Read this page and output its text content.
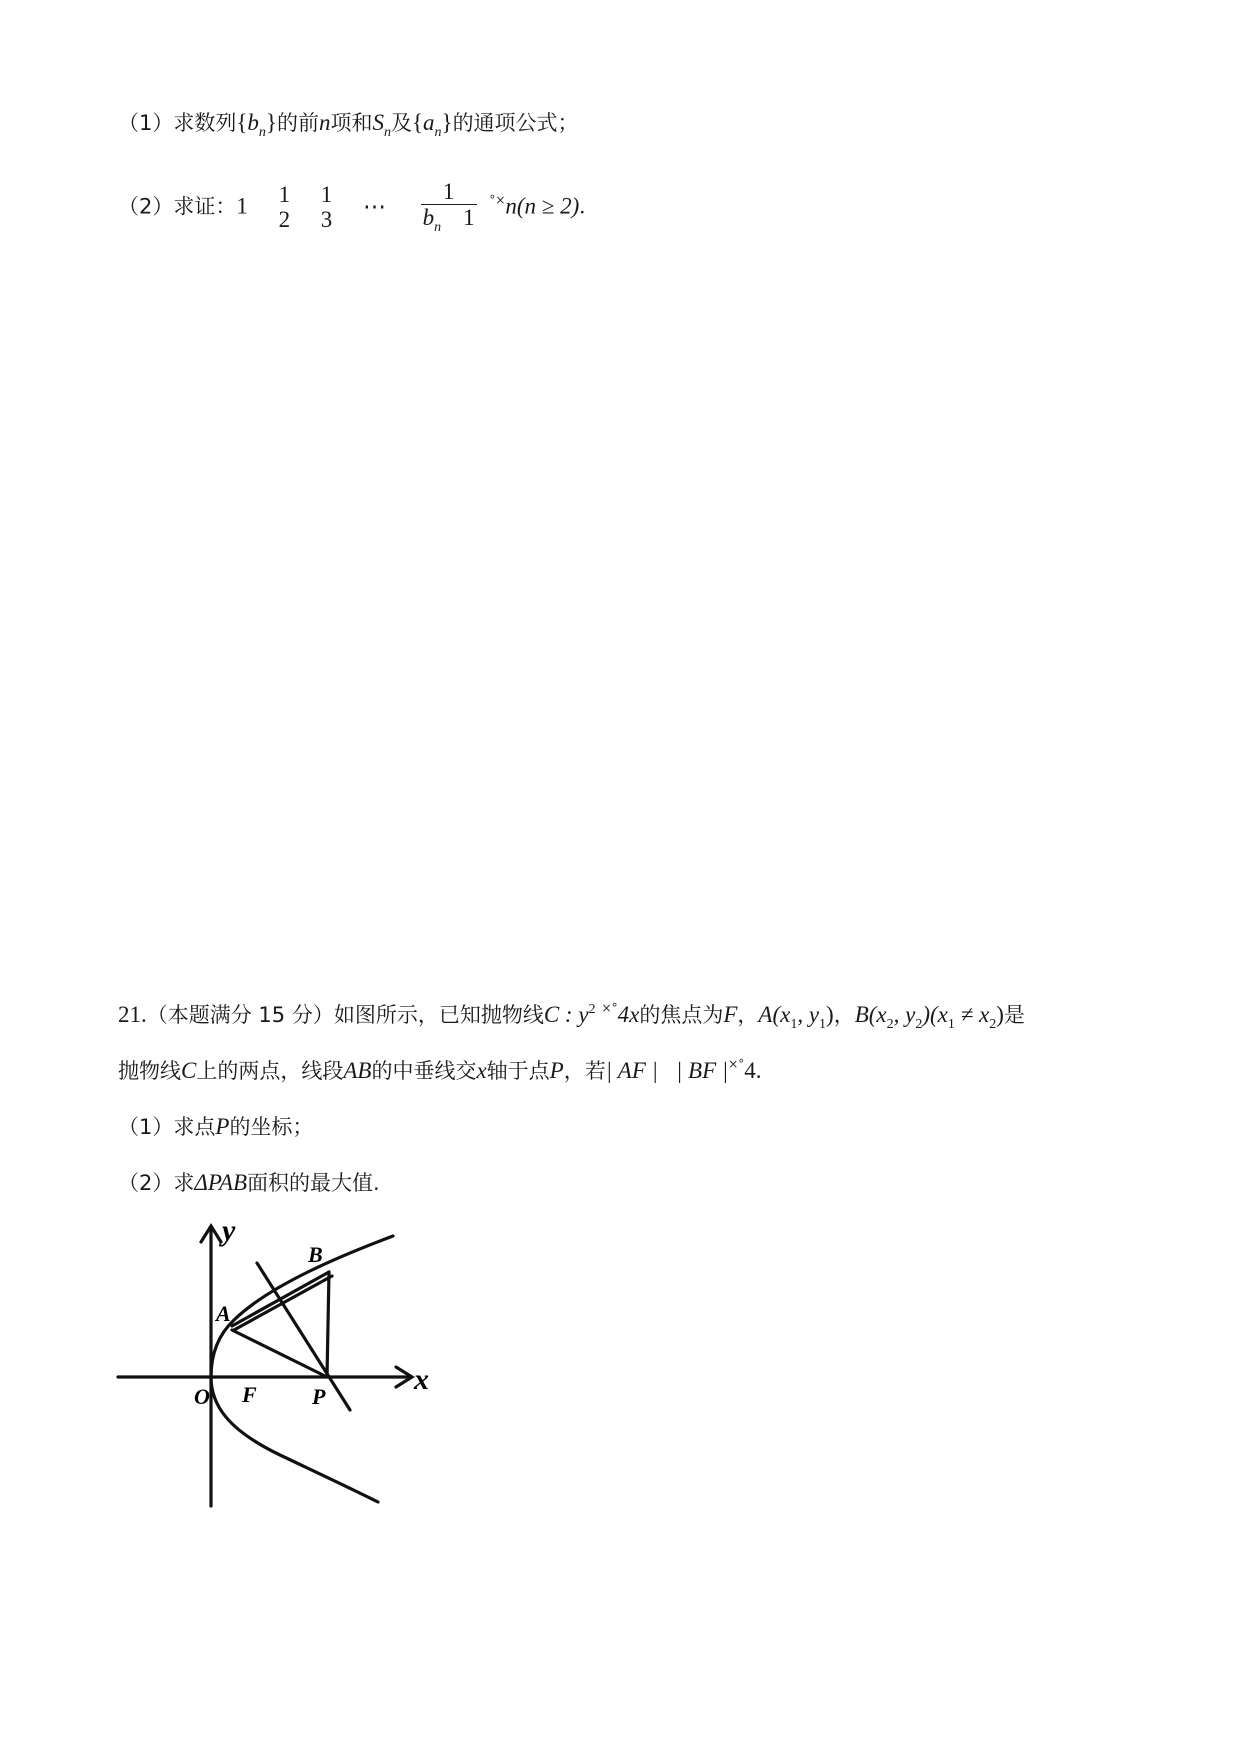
（1）求数列$\{b_n\}$的前n项和$S_n$及$\{a_n\}$的通项公式；
（2）求证：1 1
2

1
3
⋯ $\frac{1}{b_n 1} ^{^\circ\times}n(n \ge 2)$.
21.（本题满分 15 分）如图所示，已知抛物线C : $y^2$ ×°4x的焦点为F，$A(x_1$, $y_1$)，$B(x_2$, $y_2)(x_1 \ne x_2)$是
抛物线C上的两点，线段AB的中垂线交x轴于点P，若| AF | | BF |×°4.
（1）求点P的坐标；
（2）求ΔPAB面积的最大值.
y
x
O F	P
A
B
